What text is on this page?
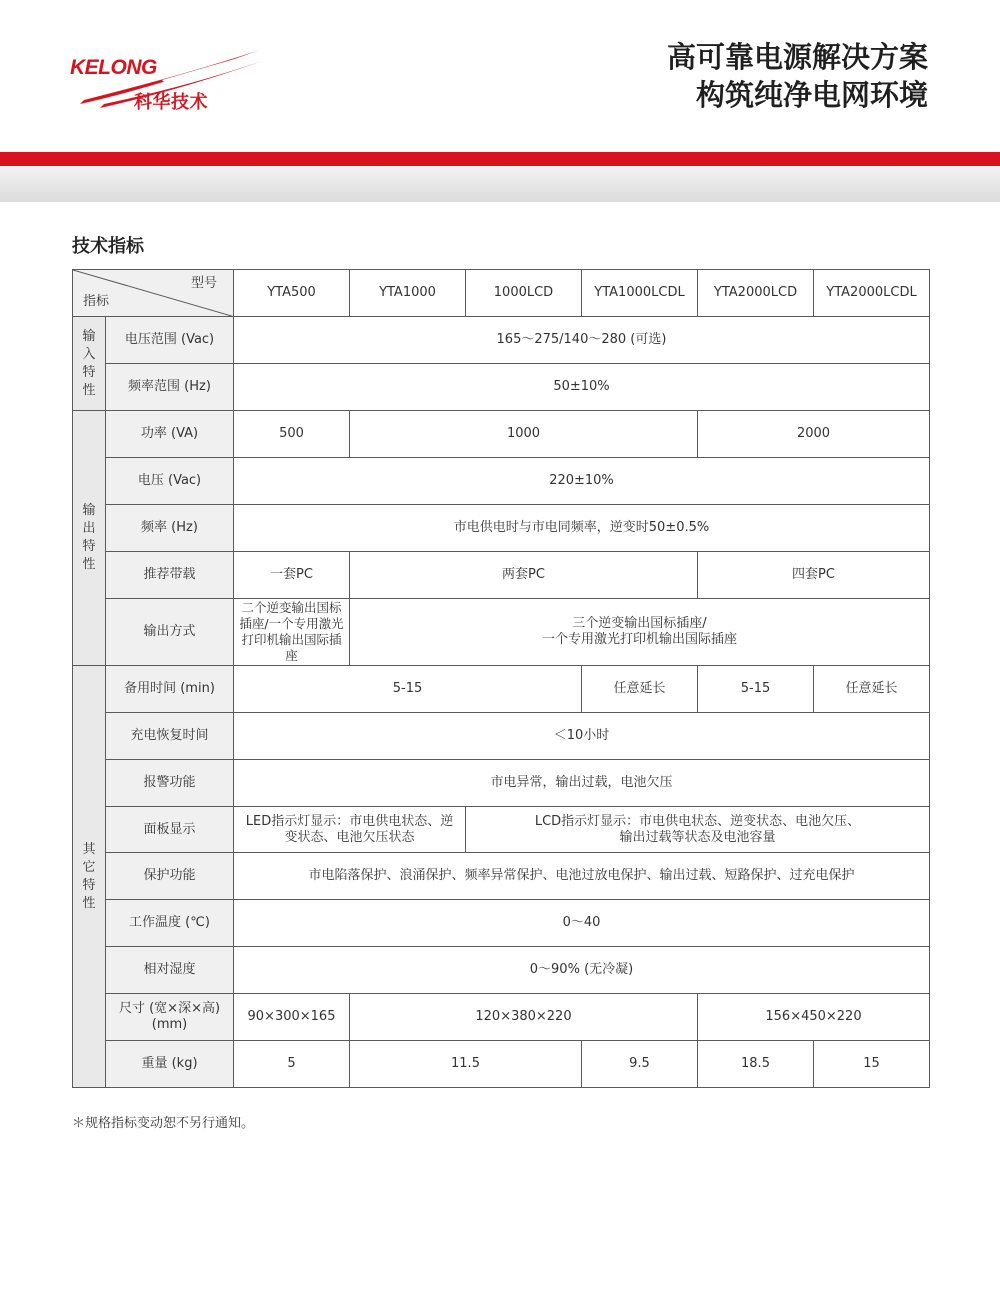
KELONG
科华技术
高可靠电源解决方案
构筑纯净电网环境
技术指标
型号
指标		YTA500	YTA1000	1000LCD	YTA1000LCDL	YTA2000LCD	YTA2000LCDL
输入特性	电压范围 (Vac)	165～275/140～280 (可选)					
	频率范围 (Hz)	50±10%					
输出特性	功率 (VA)	500	1000			2000	
	电压 (Vac)	220±10%					
	频率 (Hz)	市电供电时与市电同频率，逆变时50±0.5%					
	推荐带载	一套PC	两套PC			四套PC	
	输出方式	二个逆变输出国标插座/一个专用激光打印机输出国际插座	三个逆变输出国标插座/
一个专用激光打印机输出国际插座				
其它特性	备用时间 (min)	5-15			任意延长	5-15	任意延长
	充电恢复时间	＜10小时					
	报警功能	市电异常，输出过载，电池欠压					
	面板显示	LED指示灯显示：市电供电状态、逆变状态、电池欠压状态		LCD指示灯显示：市电供电状态、逆变状态、电池欠压、
输出过载等状态及电池容量			
	保护功能	市电陷落保护、浪涌保护、频率异常保护、电池过放电保护、输出过载、短路保护、过充电保护					
	工作温度 (℃)	0～40					
	相对湿度	0～90% (无冷凝)					
	尺寸 (宽×深×高)(mm)	90×300×165	120×380×220			156×450×220	
	重量 (kg)	5	11.5		9.5	18.5	15
＊规格指标变动恕不另行通知。
